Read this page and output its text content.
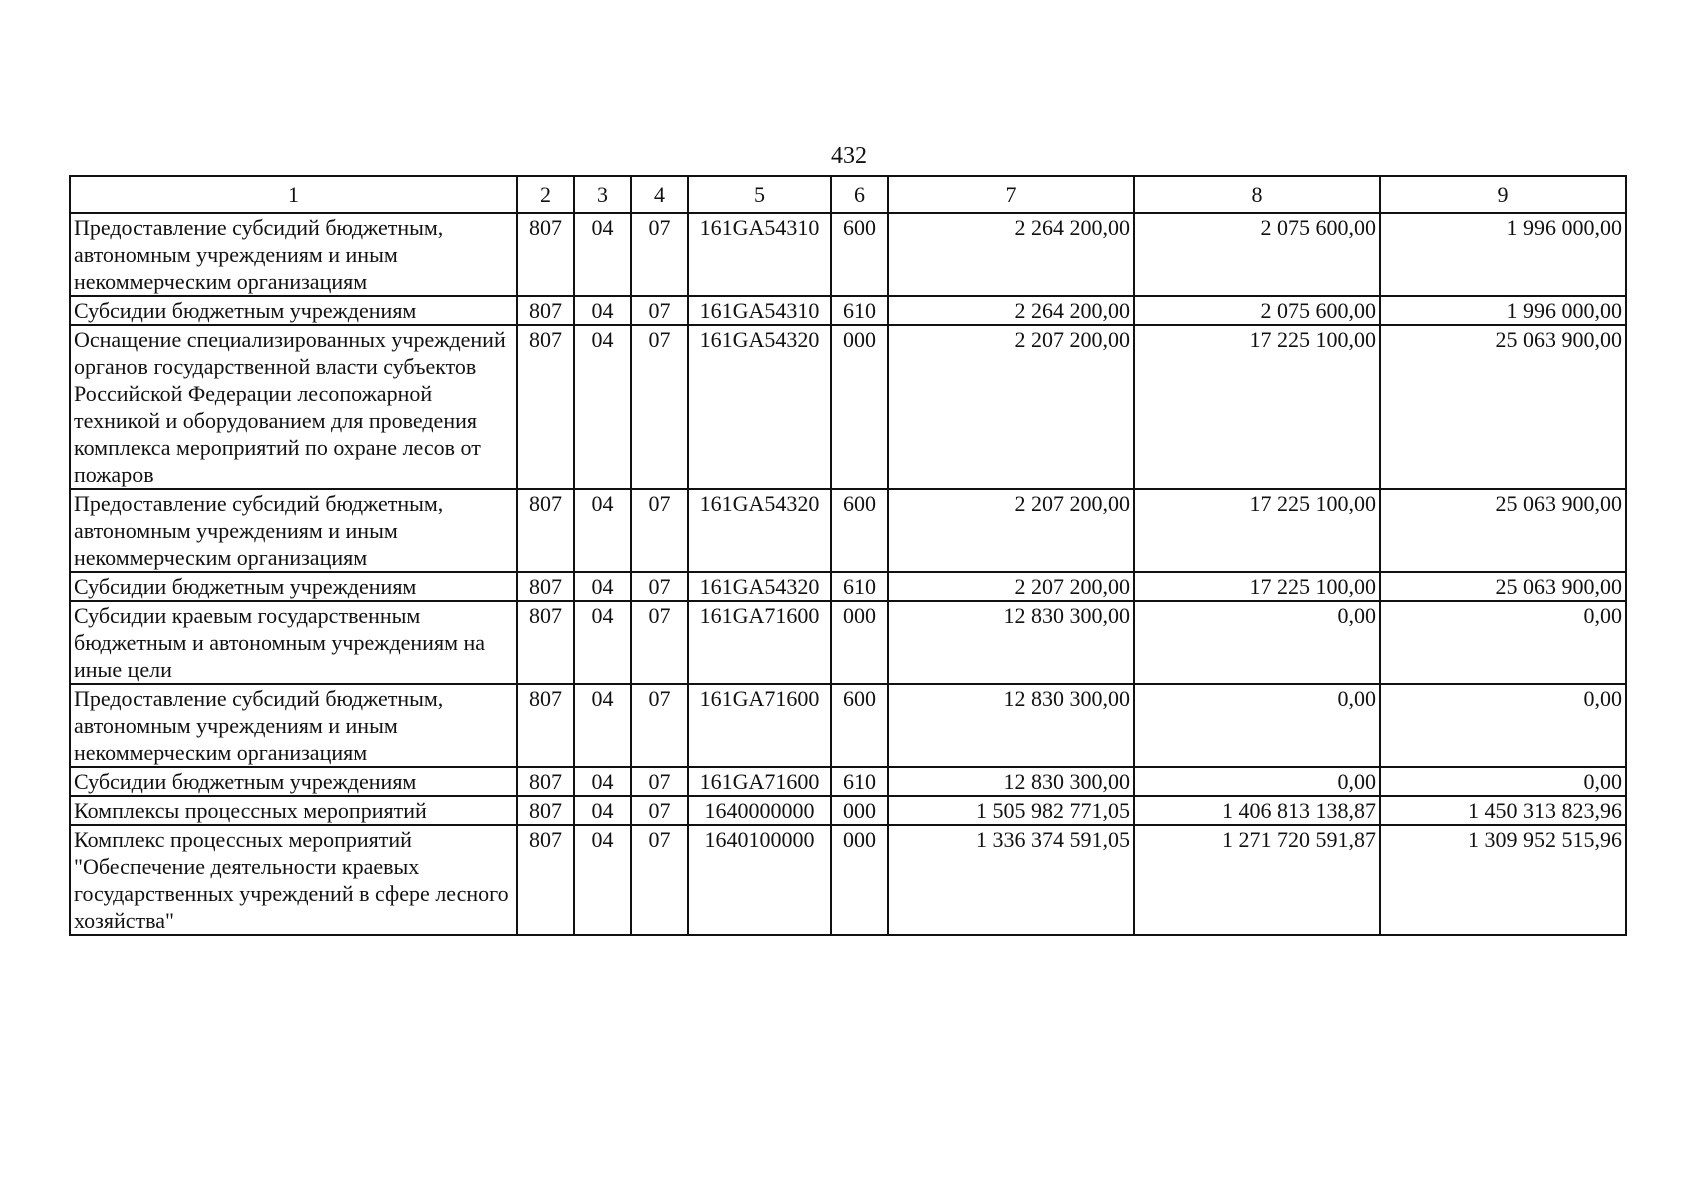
432
1	2	3	4	5	6	7	8	9
Предоставление субсидий бюджетным, автономным учреждениям и иным некоммерческим организациям	807	04	07	161GA54310	600	2 264 200,00	2 075 600,00	1 996 000,00
Субсидии бюджетным учреждениям	807	04	07	161GA54310	610	2 264 200,00	2 075 600,00	1 996 000,00
Оснащение специализированных учреждений органов государственной власти субъектов Российской Федерации лесопожарной техникой и оборудованием для проведения комплекса мероприятий по охране лесов от пожаров	807	04	07	161GA54320	000	2 207 200,00	17 225 100,00	25 063 900,00
Предоставление субсидий бюджетным, автономным учреждениям и иным некоммерческим организациям	807	04	07	161GA54320	600	2 207 200,00	17 225 100,00	25 063 900,00
Субсидии бюджетным учреждениям	807	04	07	161GA54320	610	2 207 200,00	17 225 100,00	25 063 900,00
Субсидии краевым государственным бюджетным и автономным учреждениям на иные цели	807	04	07	161GA71600	000	12 830 300,00	0,00	0,00
Предоставление субсидий бюджетным, автономным учреждениям и иным некоммерческим организациям	807	04	07	161GA71600	600	12 830 300,00	0,00	0,00
Субсидии бюджетным учреждениям	807	04	07	161GA71600	610	12 830 300,00	0,00	0,00
Комплексы процессных мероприятий	807	04	07	1640000000	000	1 505 982 771,05	1 406 813 138,87	1 450 313 823,96
Комплекс процессных мероприятий "Обеспечение деятельности краевых государственных учреждений в сфере лесного хозяйства"	807	04	07	1640100000	000	1 336 374 591,05	1 271 720 591,87	1 309 952 515,96
